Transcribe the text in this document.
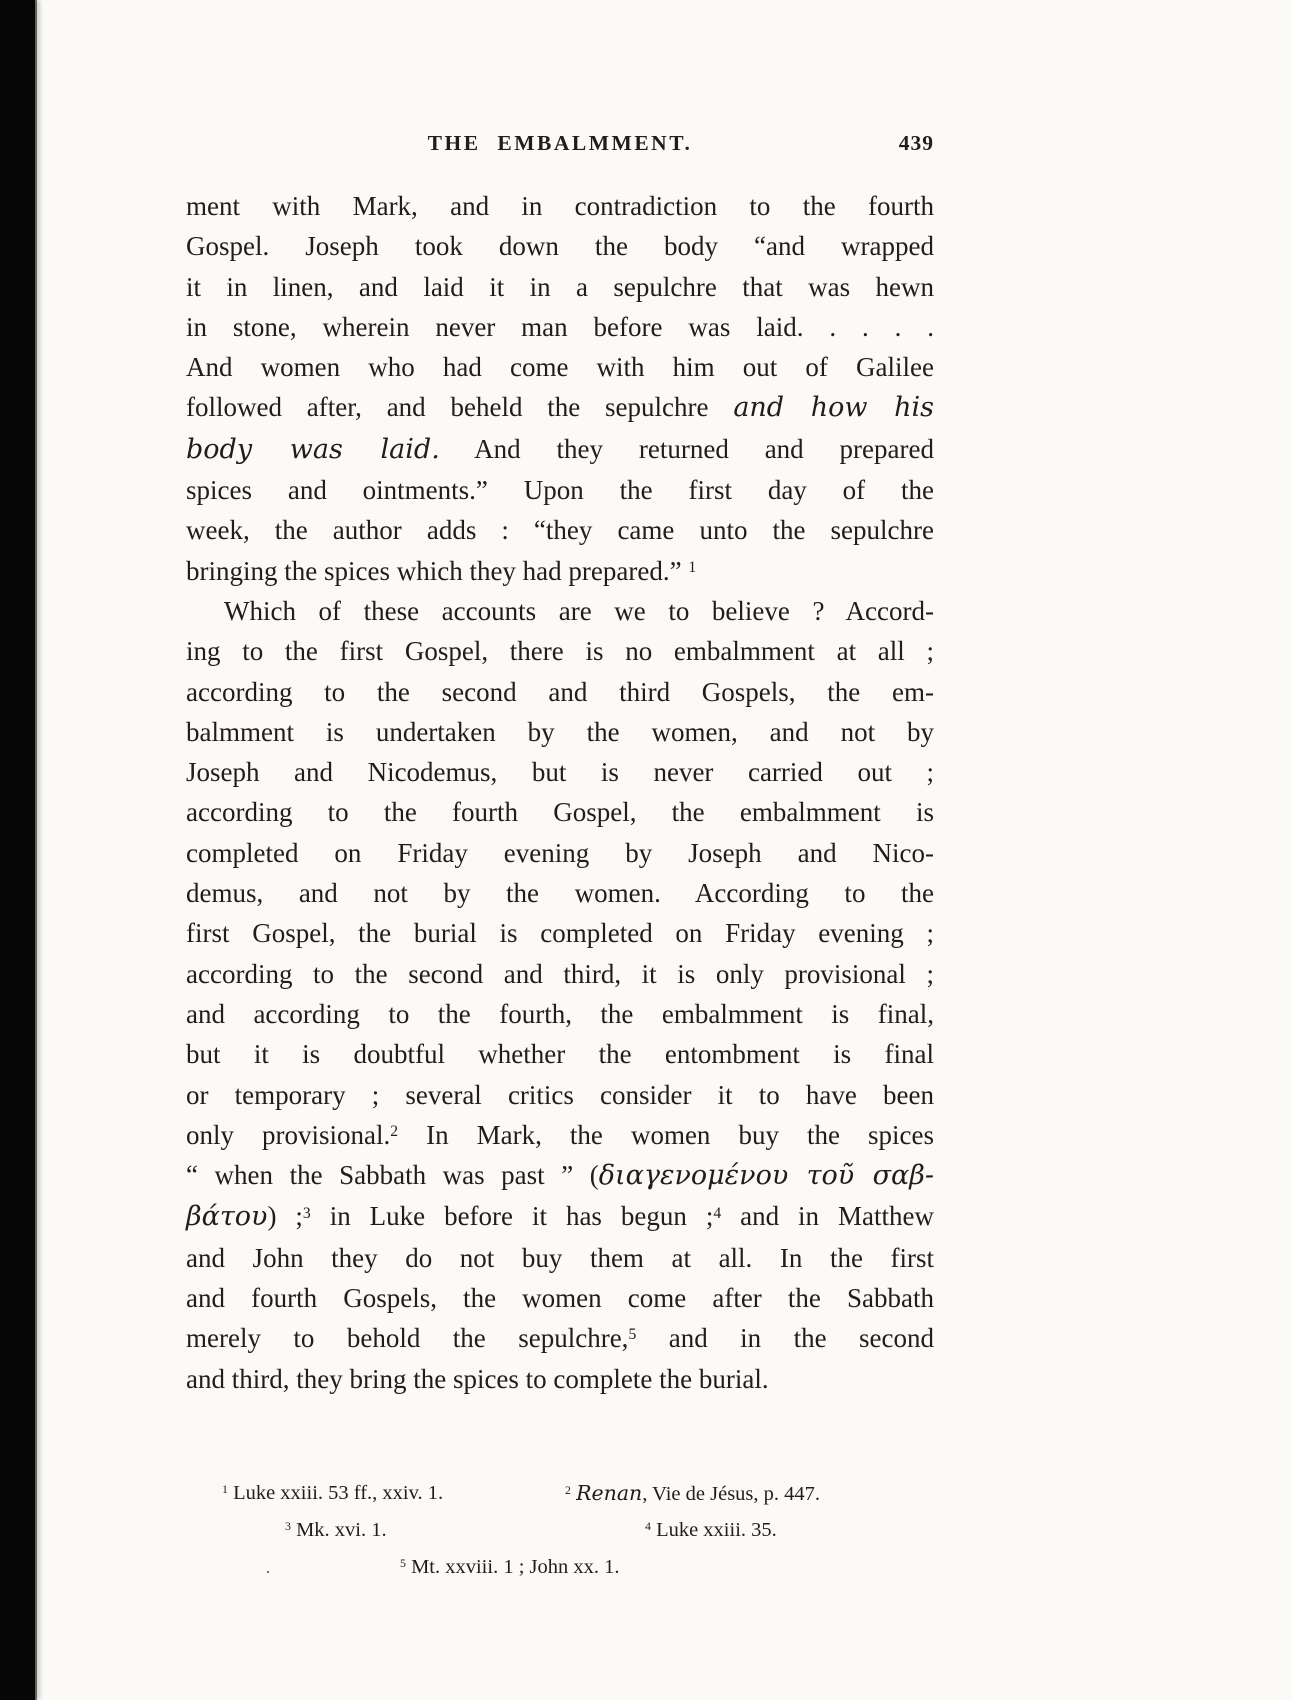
THE EMBALMMENT.	439
ment with Mark, and in contradiction to the fourth
Gospel. Joseph took down the body “and wrapped
it in linen, and laid it in a sepulchre that was hewn
in stone, wherein never man before was laid. . . . .
And women who had come with him out of Galilee
followed after, and beheld the sepulchre and how his
body was laid. And they returned and prepared
spices and ointments.” Upon the first day of the
week, the author adds : “they came unto the sepulchre
bringing the spices which they had prepared.” $^1$
Which of these accounts are we to believe ? Accord-
ing to the first Gospel, there is no embalmment at all ;
according to the second and third Gospels, the em-
balmment is undertaken by the women, and not by
Joseph and Nicodemus, but is never carried out ;
according to the fourth Gospel, the embalmment is
completed on Friday evening by Joseph and Nico-
demus, and not by the women. According to the
first Gospel, the burial is completed on Friday evening ;
according to the second and third, it is only provisional ;
and according to the fourth, the embalmment is final,
but it is doubtful whether the entombment is final
or temporary ; several critics consider it to have been
only provisional.$^2$ In Mark, the women buy the spices
“ when the Sabbath was past ” (διαγενομένου τοῦ σαβ-
βάτου) ;$^3$ in Luke before it has begun ;$^4$ and in Matthew
and John they do not buy them at all. In the first
and fourth Gospels, the women come after the Sabbath
merely to behold the sepulchre,$^5$ and in the second
and third, they bring the spices to complete the burial.
$^1$ Luke xxiii. 53 ff., xxiv. 1.	$^2$ Renan, Vie de Jésus, p. 447.
$^3$ Mk. xvi. 1.	$^4$ Luke xxiii. 35.
$^5$ Mt. xxviii. 1 ; John xx. 1.
.
